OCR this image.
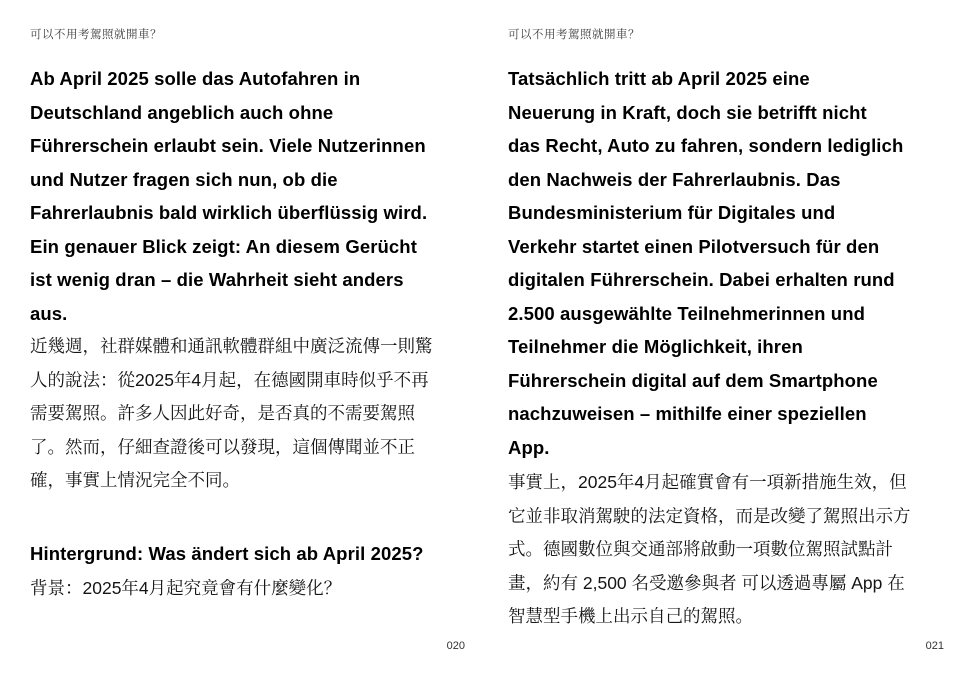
可以不用考駕照就開車？
Ab April 2025 solle das Autofahren in
Deutschland angeblich auch ohne
Führerschein erlaubt sein. Viele Nutzerinnen
und Nutzer fragen sich nun, ob die
Fahrerlaubnis bald wirklich überflüssig wird.
Ein genauer Blick zeigt: An diesem Gerücht
ist wenig dran – die Wahrheit sieht anders
aus.
近幾週，社群媒體和通訊軟體群組中廣泛流傳一則驚
人的說法：從2025年4月起，在德國開車時似乎不再
需要駕照。許多人因此好奇，是否真的不需要駕照
了。然而，仔細查證後可以發現，這個傳聞並不正
確，事實上情況完全不同。
Hintergrund: Was ändert sich ab April 2025?
背景：2025年4月起究竟會有什麼變化？
020
可以不用考駕照就開車？
Tatsächlich tritt ab April 2025 eine
Neuerung in Kraft, doch sie betrifft nicht
das Recht, Auto zu fahren, sondern lediglich
den Nachweis der Fahrerlaubnis. Das
Bundesministerium für Digitales und
Verkehr startet einen Pilotversuch für den
digitalen Führerschein. Dabei erhalten rund
2.500 ausgewählte Teilnehmerinnen und
Teilnehmer die Möglichkeit, ihren
Führerschein digital auf dem Smartphone
nachzuweisen – mithilfe einer speziellen
App.
事實上，2025年4月起確實會有一項新措施生效，但
它並非取消駕駛的法定資格，而是改變了駕照出示方
式。德國數位與交通部將啟動一項數位駕照試點計
畫，約有 2,500 名受邀參與者 可以透過專屬 App 在
智慧型手機上出示自己的駕照。
021
